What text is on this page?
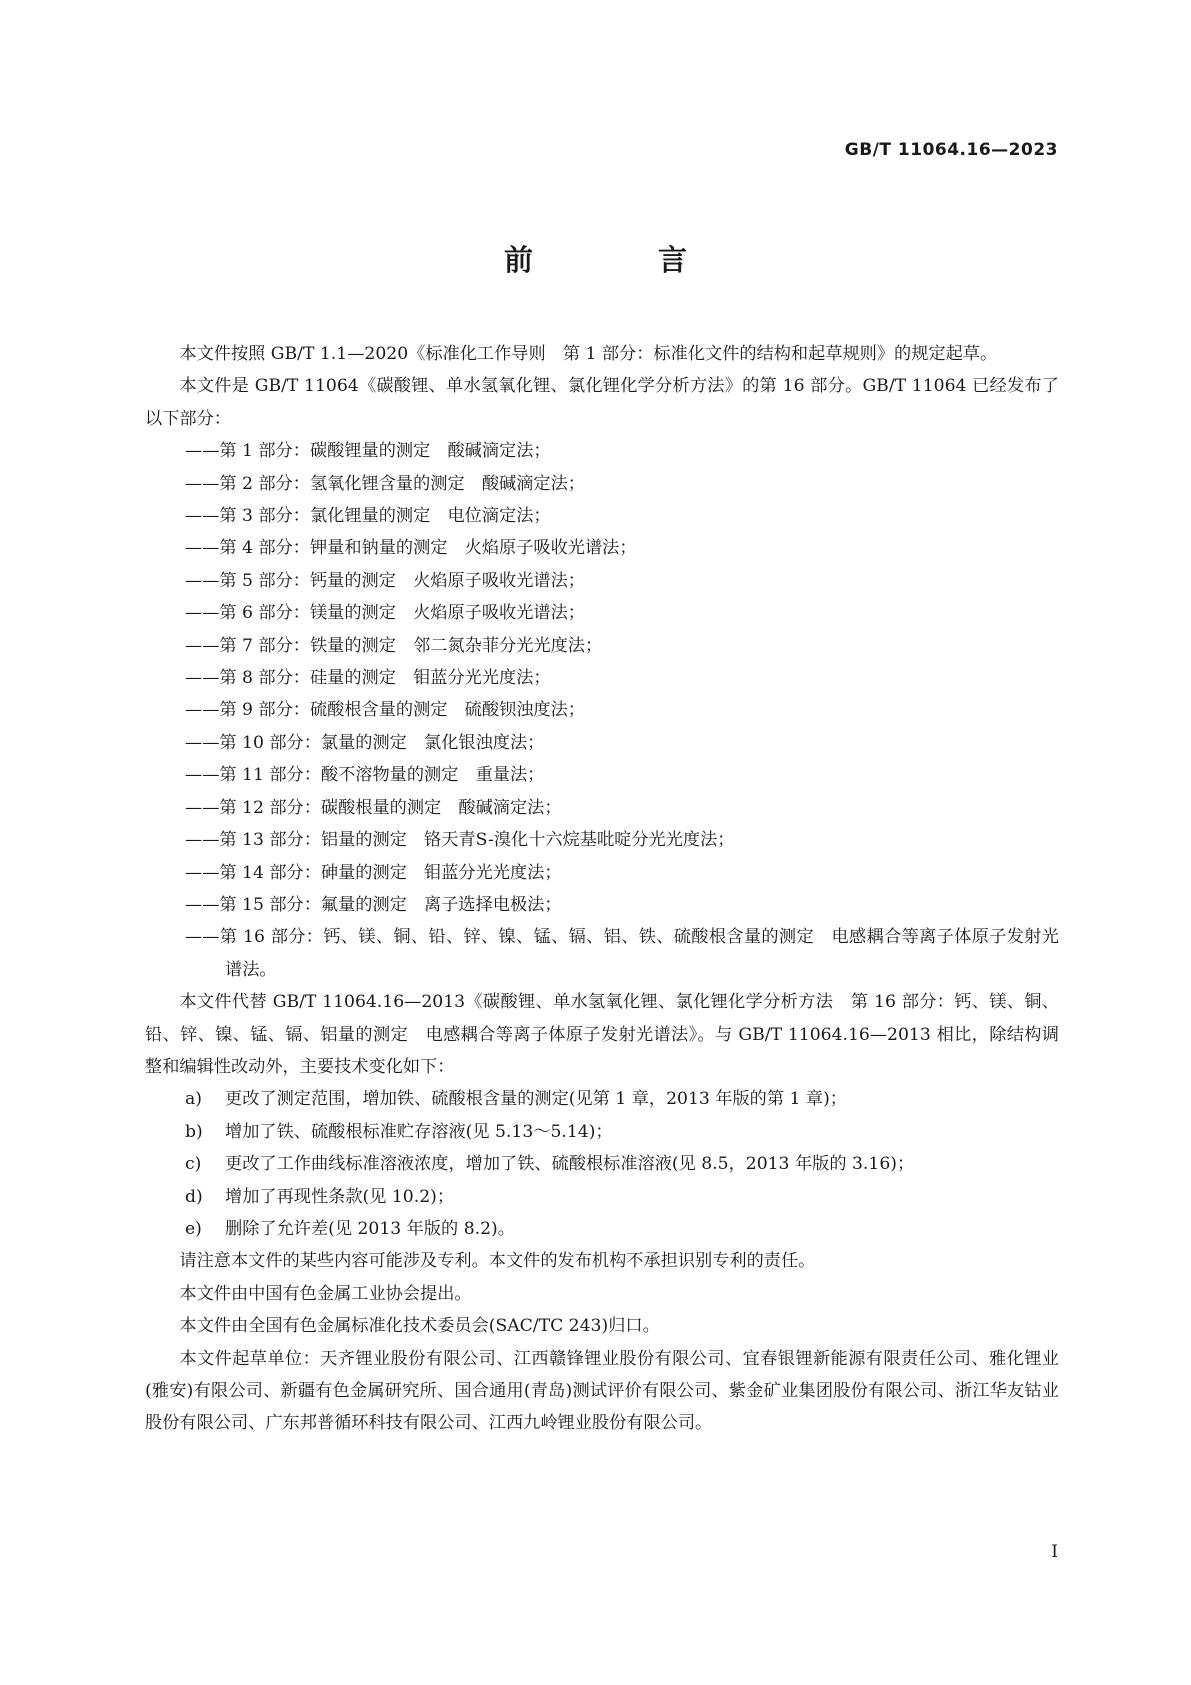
GB/T 11064.16—2023
前　言

本文件按照 GB/T 1.1—2020《标准化工作导则　第 1 部分：标准化文件的结构和起草规则》的规定起草。

本文件是 GB/T 11064《碳酸锂、单水氢氧化锂、氯化锂化学分析方法》的第 16 部分。GB/T 11064 已经发布了以下部分：

——第 1 部分：碳酸锂量的测定　酸碱滴定法；
——第 2 部分：氢氧化锂含量的测定　酸碱滴定法；
——第 3 部分：氯化锂量的测定　电位滴定法；
——第 4 部分：钾量和钠量的测定　火焰原子吸收光谱法；
——第 5 部分：钙量的测定　火焰原子吸收光谱法；
——第 6 部分：镁量的测定　火焰原子吸收光谱法；
——第 7 部分：铁量的测定　邻二氮杂菲分光光度法；
——第 8 部分：硅量的测定　钼蓝分光光度法；
——第 9 部分：硫酸根含量的测定　硫酸钡浊度法；
——第 10 部分：氯量的测定　氯化银浊度法；
——第 11 部分：酸不溶物量的测定　重量法；
——第 12 部分：碳酸根量的测定　酸碱滴定法；
——第 13 部分：铝量的测定　铬天青S-溴化十六烷基吡啶分光光度法；
——第 14 部分：砷量的测定　钼蓝分光光度法；
——第 15 部分：氟量的测定　离子选择电极法；
——第 16 部分：钙、镁、铜、铅、锌、镍、锰、镉、铝、铁、硫酸根含量的测定　电感耦合等离子体原子发射光谱法。

本文件代替 GB/T 11064.16—2013《碳酸锂、单水氢氧化锂、氯化锂化学分析方法　第 16 部分：钙、镁、铜、铅、锌、镍、锰、镉、铝量的测定　电感耦合等离子体原子发射光谱法》。与 GB/T 11064.16—2013 相比，除结构调整和编辑性改动外，主要技术变化如下：

a) 更改了测定范围，增加铁、硫酸根含量的测定(见第 1 章，2013 年版的第 1 章)；
b) 增加了铁、硫酸根标准贮存溶液(见 5.13～5.14)；
c) 更改了工作曲线标准溶液浓度，增加了铁、硫酸根标准溶液(见 8.5，2013 年版的 3.16)；
d) 增加了再现性条款(见 10.2)；
e) 删除了允许差(见 2013 年版的 8.2)。

请注意本文件的某些内容可能涉及专利。本文件的发布机构不承担识别专利的责任。

本文件由中国有色金属工业协会提出。

本文件由全国有色金属标准化技术委员会(SAC/TC 243)归口。

本文件起草单位：天齐锂业股份有限公司、江西赣锋锂业股份有限公司、宜春银锂新能源有限责任公司、雅化锂业(雅安)有限公司、新疆有色金属研究所、国合通用(青岛)测试评价有限公司、紫金矿业集团股份有限公司、浙江华友钴业股份有限公司、广东邦普循环科技有限公司、江西九岭锂业股份有限公司。

I
